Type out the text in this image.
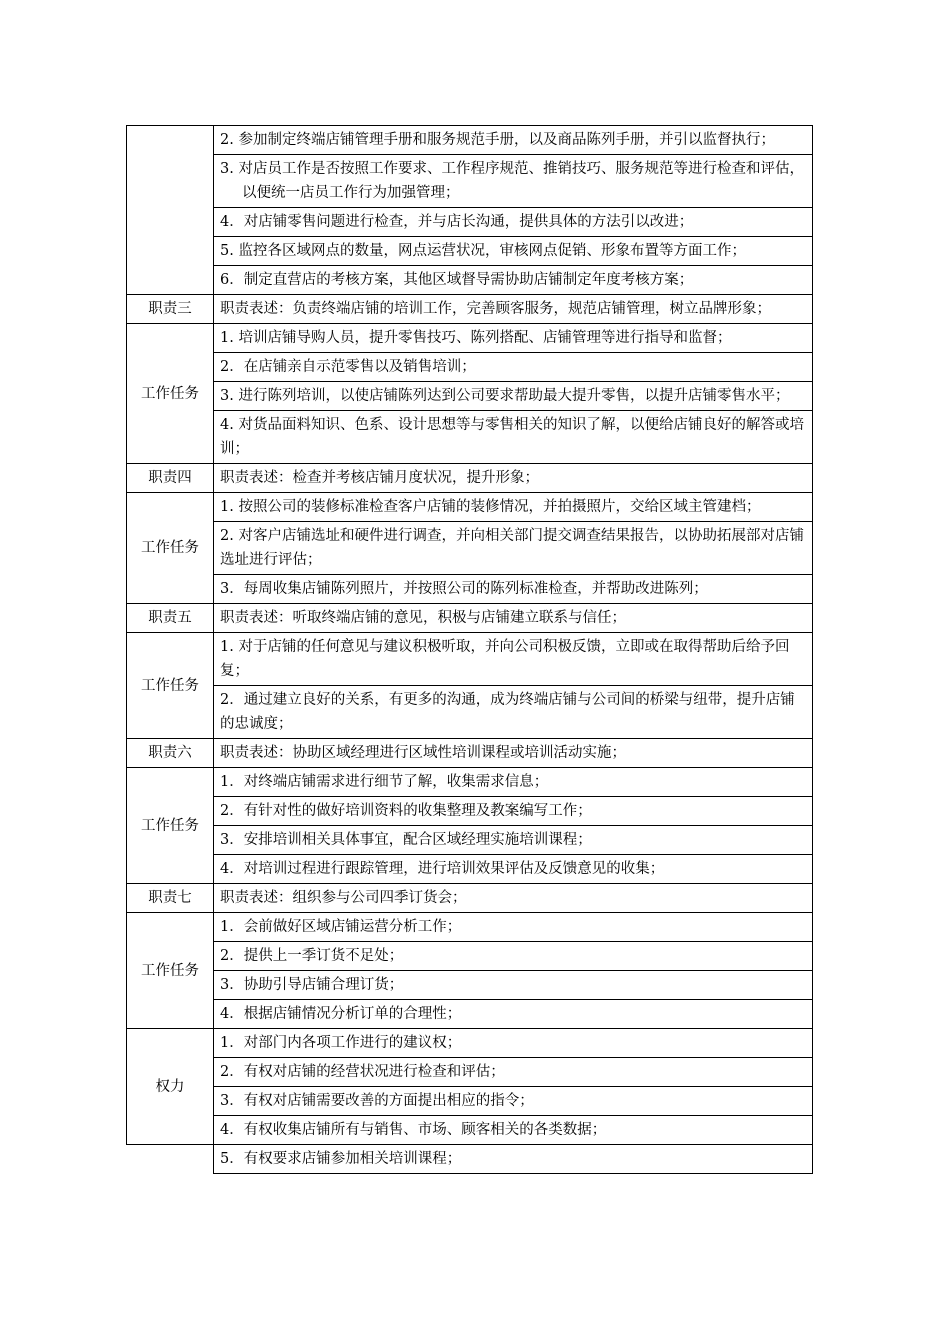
	2. 参加制定终端店铺管理手册和服务规范手册，以及商品陈列手册，并引以监督执行；
	3. 对店员工作是否按照工作要求、工作程序规范、推销技巧、服务规范等进行检查和评估，以便统一店员工作行为加强管理；
	4．对店铺零售问题进行检查，并与店长沟通，提供具体的方法引以改进；
	5. 监控各区域网点的数量，网点运营状况，审核网点促销、形象布置等方面工作；
	6．制定直营店的考核方案，其他区域督导需协助店铺制定年度考核方案；
职责三	职责表述：负责终端店铺的培训工作，完善顾客服务，规范店铺管理，树立品牌形象；
工作任务	1. 培训店铺导购人员，提升零售技巧、陈列搭配、店铺管理等进行指导和监督；
	2．在店铺亲自示范零售以及销售培训；
	3. 进行陈列培训，以使店铺陈列达到公司要求帮助最大提升零售，以提升店铺零售水平；
	4. 对货品面料知识、色系、设计思想等与零售相关的知识了解，以便给店铺良好的解答或培训；
职责四	职责表述：检查并考核店铺月度状况，提升形象；
工作任务	1. 按照公司的装修标准检查客户店铺的装修情况，并拍摄照片，交给区域主管建档；
	2. 对客户店铺选址和硬件进行调查，并向相关部门提交调查结果报告，以协助拓展部对店铺选址进行评估；
	3．每周收集店铺陈列照片，并按照公司的陈列标准检查，并帮助改进陈列；
职责五	职责表述：听取终端店铺的意见，积极与店铺建立联系与信任；
工作任务	1. 对于店铺的任何意见与建议积极听取，并向公司积极反馈，立即或在取得帮助后给予回复；
	2．通过建立良好的关系，有更多的沟通，成为终端店铺与公司间的桥梁与纽带，提升店铺的忠诚度；
职责六	职责表述：协助区域经理进行区域性培训课程或培训活动实施；
工作任务	1．对终端店铺需求进行细节了解，收集需求信息；
	2．有针对性的做好培训资料的收集整理及教案编写工作；
	3．安排培训相关具体事宜，配合区域经理实施培训课程；
	4．对培训过程进行跟踪管理，进行培训效果评估及反馈意见的收集；
职责七	职责表述：组织参与公司四季订货会；
工作任务	1．会前做好区域店铺运营分析工作；
	2．提供上一季订货不足处；
	3．协助引导店铺合理订货；
	4．根据店铺情况分析订单的合理性；
权力	1．对部门内各项工作进行的建议权；
	2．有权对店铺的经营状况进行检查和评估；
	3．有权对店铺需要改善的方面提出相应的指令；
	4．有权收集店铺所有与销售、市场、顾客相关的各类数据；
	5．有权要求店铺参加相关培训课程；
